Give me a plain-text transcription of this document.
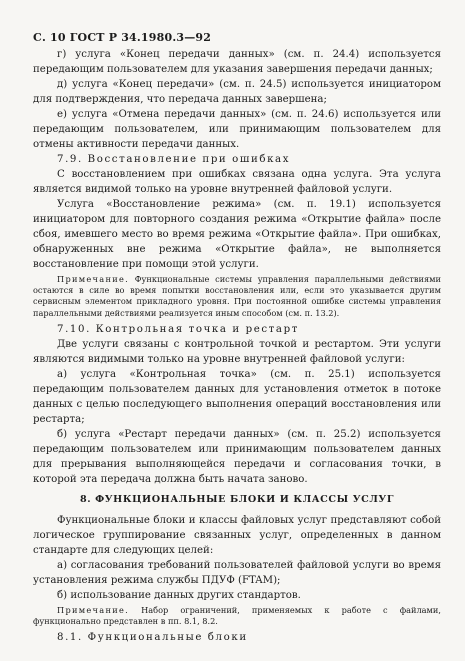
С. 10 ГОСТ Р 34.1980.3—92

г) услуга «Конец передачи данных» (см. п. 24.4) используется передающим пользователем для указания завершения передачи данных;

д) услуга «Конец передачи» (см. п. 24.5) используется инициатором для подтверждения, что передача данных завершена;

е) услуга «Отмена передачи данных» (см. п. 24.6) используется или передающим пользователем, или принимающим пользователем для отмены активности передачи данных.

7.9. Восстановление при ошибках

С восстановлением при ошибках связана одна услуга. Эта услуга является видимой только на уровне внутренней файловой услуги.

Услуга «Восстановление режима» (см. п. 19.1) используется инициатором для повторного создания режима «Открытие файла» после сбоя, имевшего место во время режима «Открытие файла». При ошибках, обнаруженных вне режима «Открытие файла», не выполняется восстановление при помощи этой услуги.

Примечание. Функциональные системы управления параллельными действиями остаются в силе во время попытки восстановления или, если это указывается другим сервисным элементом прикладного уровня. При постоянной ошибке системы управления параллельными действиями реализуется иным способом (см. п. 13.2).

7.10. Контрольная точка и рестарт

Две услуги связаны с контрольной точкой и рестартом. Эти услуги являются видимыми только на уровне внутренней файловой услуги:

а) услуга «Контрольная точка» (см. п. 25.1) используется передающим пользователем данных для установления отметок в потоке данных с целью последующего выполнения операций восстановления или рестарта;

б) услуга «Рестарт передачи данных» (см. п. 25.2) используется передающим пользователем или принимающим пользователем данных для прерывания выполняющейся передачи и согласования точки, в которой эта передача должна быть начата заново.

8. ФУНКЦИОНАЛЬНЫЕ БЛОКИ И КЛАССЫ УСЛУГ

Функциональные блоки и классы файловых услуг представляют собой логическое группирование связанных услуг, определенных в данном стандарте для следующих целей:

а) согласования требований пользователей файловой услуги во время установления режима службы ПДУФ (FTAM);

б) использование данных других стандартов.

Примечание. Набор ограничений, применяемых к работе с файлами, функционально представлен в пп. 8.1, 8.2.

8.1. Функциональные блоки
